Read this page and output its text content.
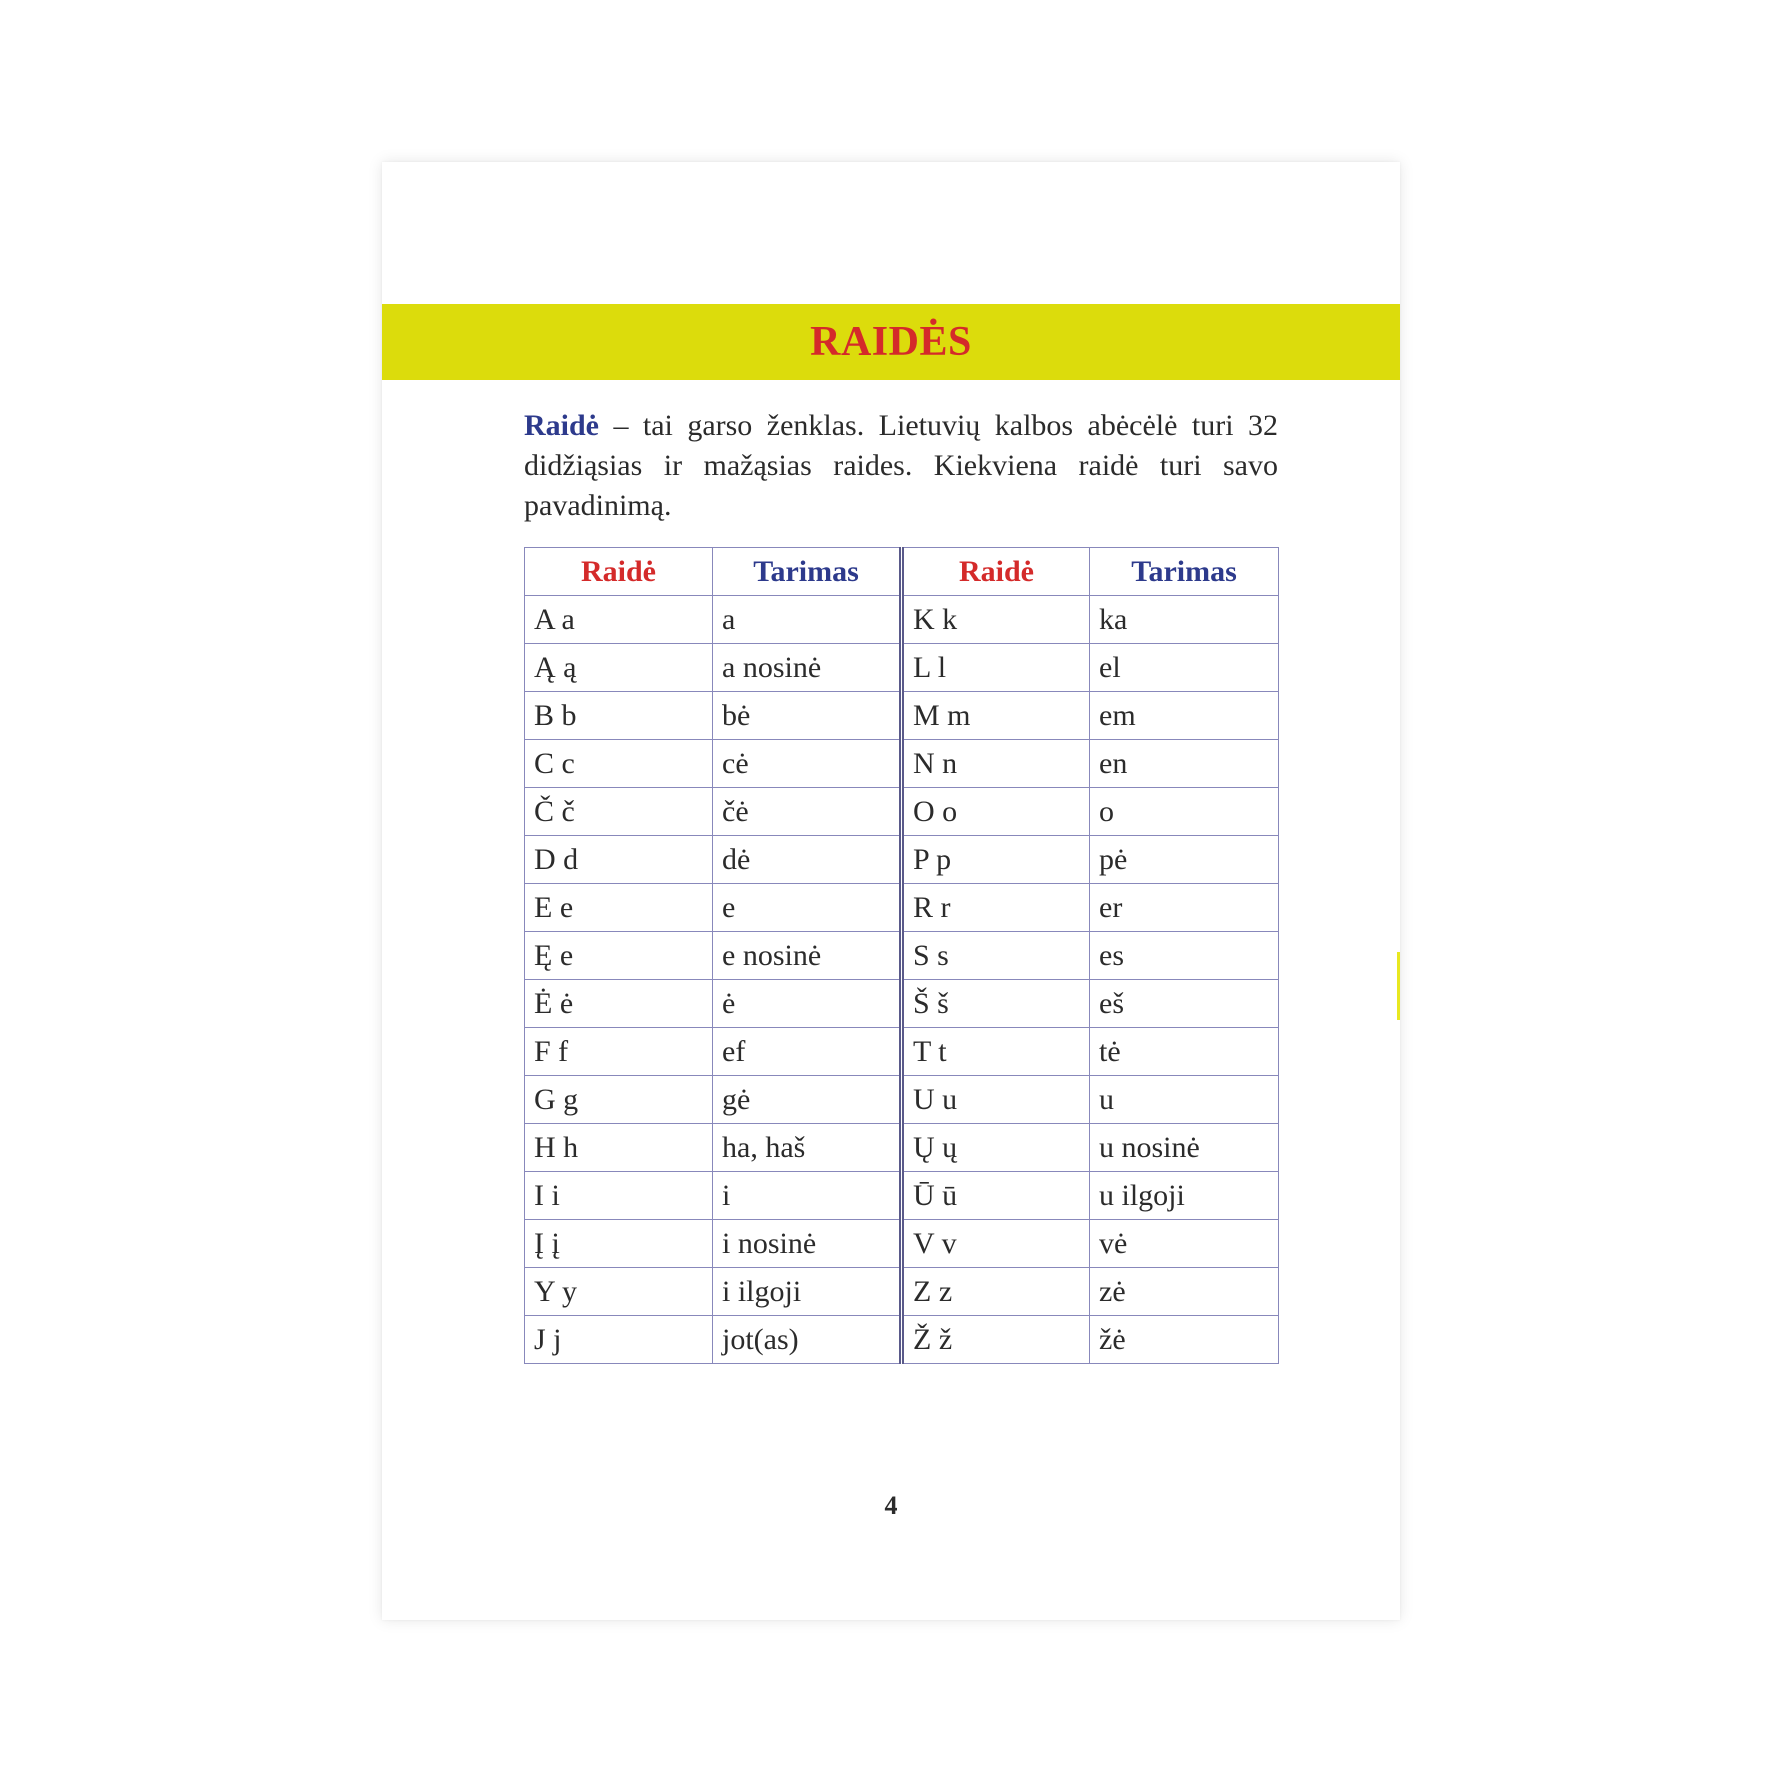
RAIDĖS

Raidė – tai garso ženklas. Lietuvių kalbos abėcėlė turi 32 didžiąsias ir mažąsias raides. Kiekviena raidė turi savo pavadinimą.

Raidė	Tarimas	Raidė	Tarimas
A a	a	K k	ka
Ą ą	a nosinė	L l	el
B b	bė	M m	em
C c	cė	N n	en
Č č	čė	O o	o
D d	dė	P p	pė
E e	e	R r	er
Ę e	e nosinė	S s	es
Ė ė	ė	Š š	eš
F f	ef	T t	tė
G g	gė	U u	u
H h	ha, haš	Ų ų	u nosinė
I i	i	Ū ū	u ilgoji
Į į	i nosinė	V v	vė
Y y	i ilgoji	Z z	zė
J j	jot(as)	Ž ž	žė

4
